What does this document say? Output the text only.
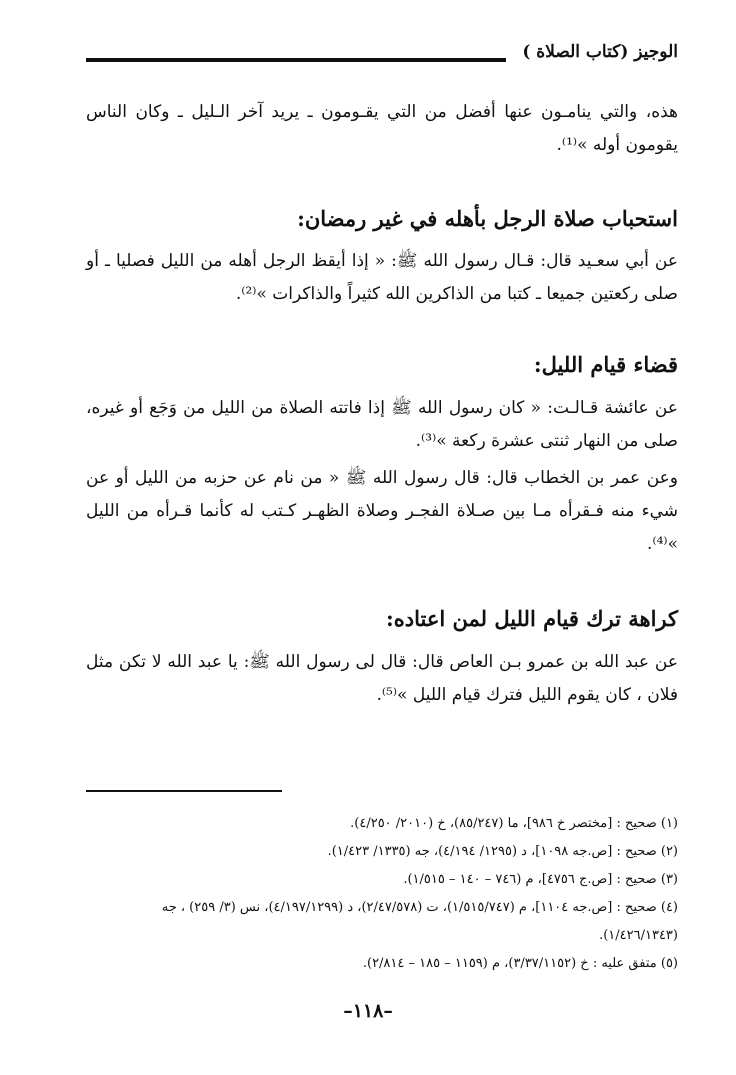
الوجيز (كتاب الصلاة )

هذه، والتي ينامـون عنها أفضل من التي يقـومون ـ يريد آخر الـليل ـ وكان الناس يقومون أوله »⁽¹⁾.

استحباب صلاة الرجل بأهله في غير رمضان:

عن أبي سعـيد قال: قـال رسول الله ﷺ: « إذا أيقظ الرجل أهله من الليل فصليا ـ أو صلى ركعتين جميعا ـ كتبا من الذاكرين الله كثيراً والذاكرات »⁽²⁾.

قضاء قيام الليل:

عن عائشة قـالـت: « كان رسول الله ﷺ إذا فاتته الصلاة من الليل من وَجَع أو غيره، صلى من النهار ثنتى عشرة ركعة »⁽³⁾.

وعن عمر بن الخطاب قال: قال رسول الله ﷺ « من نام عن حزبه من الليل أو عن شيء منه فـقرأه مـا بين صـلاة الفجـر وصلاة الظهـر كـتب له كأنما قـرأه من الليل »⁽⁴⁾.

كراهة ترك قيام الليل لمن اعتاده:

عن عبد الله بن عمرو بـن العاص قال: قال لى رسول الله ﷺ: يا عبد الله لا تكن مثل فلان ، كان يقوم الليل فترك قيام الليل »⁽⁵⁾.

(١) صحيح : [مختصر خ ٩٨٦]، ما (٨٥/٢٤٧)، خ (٢٠١٠/ ٤/٢٥٠).
(٢) صحيح : [ص.جه ١٠٩٨]، د (١٢٩٥/ ٤/١٩٤)، جه (١٣٣٥/ ١/٤٢٣).
(٣) صحيح : [ص.ج ٤٧٥٦]، م (٧٤٦ – ١٤٠ – ١/٥١٥).
(٤) صحيح : [ص.جه ١١٠٤]، م (١/٥١٥/٧٤٧)، ت (٢/٤٧/٥٧٨)، د (٤/١٩٧/١٢٩٩)، نس (٣/ ٢٥٩) ، جه (١/٤٢٦/١٣٤٣).
(٥) متفق عليه : خ (٣/٣٧/١١٥٢)، م (١١٥٩ – ١٨٥ – ٢/٨١٤).
–١١٨–
